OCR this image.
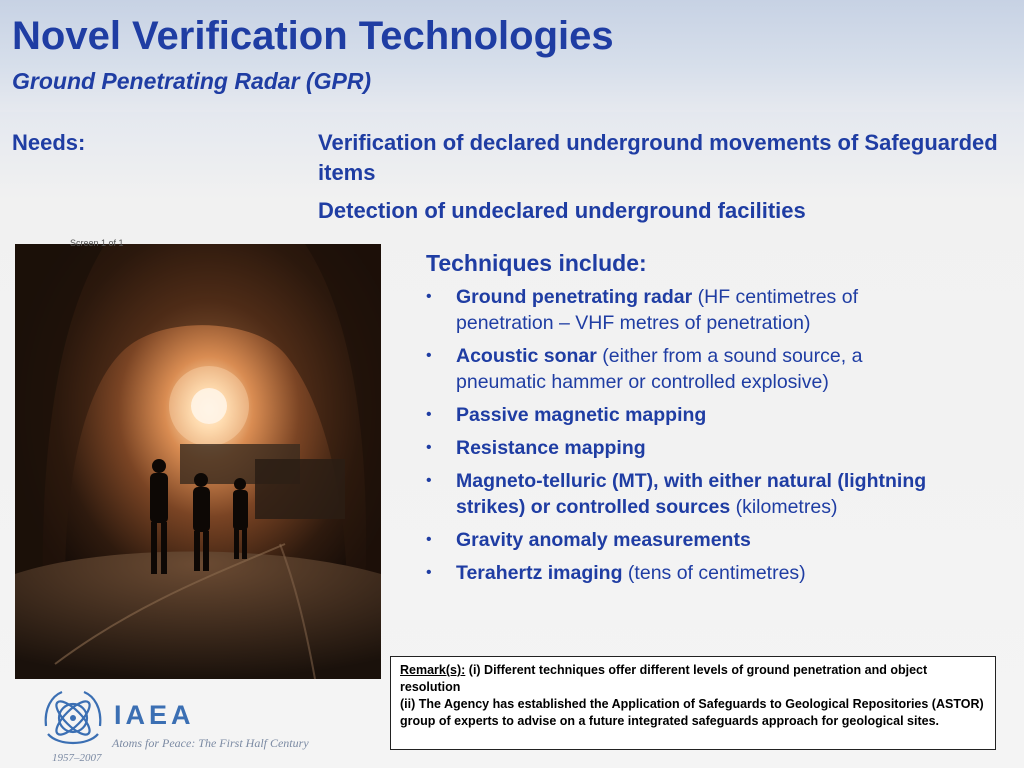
Novel Verification Technologies
Ground Penetrating Radar (GPR)
Needs:	Verification of declared underground movements of Safeguarded items
Detection of undeclared underground facilities
Screen 1 of 1
Techniques include:
• Ground penetrating radar (HF centimetres of penetration – VHF metres of penetration)
• Acoustic sonar (either from a sound source, a pneumatic hammer or controlled explosive)
• Passive magnetic mapping
• Resistance mapping
• Magneto-telluric (MT), with either natural (lightning strikes) or controlled sources (kilometres)
• Gravity anomaly measurements
• Terahertz imaging (tens of centimetres)
Remark(s): (i) Different techniques offer different levels of ground penetration and object resolution
(ii) The Agency has established the Application of Safeguards to Geological Repositories (ASTOR) group of experts to advise on a future integrated safeguards approach for geological sites.
IAEA
Atoms for Peace: The First Half Century
1957–2007
